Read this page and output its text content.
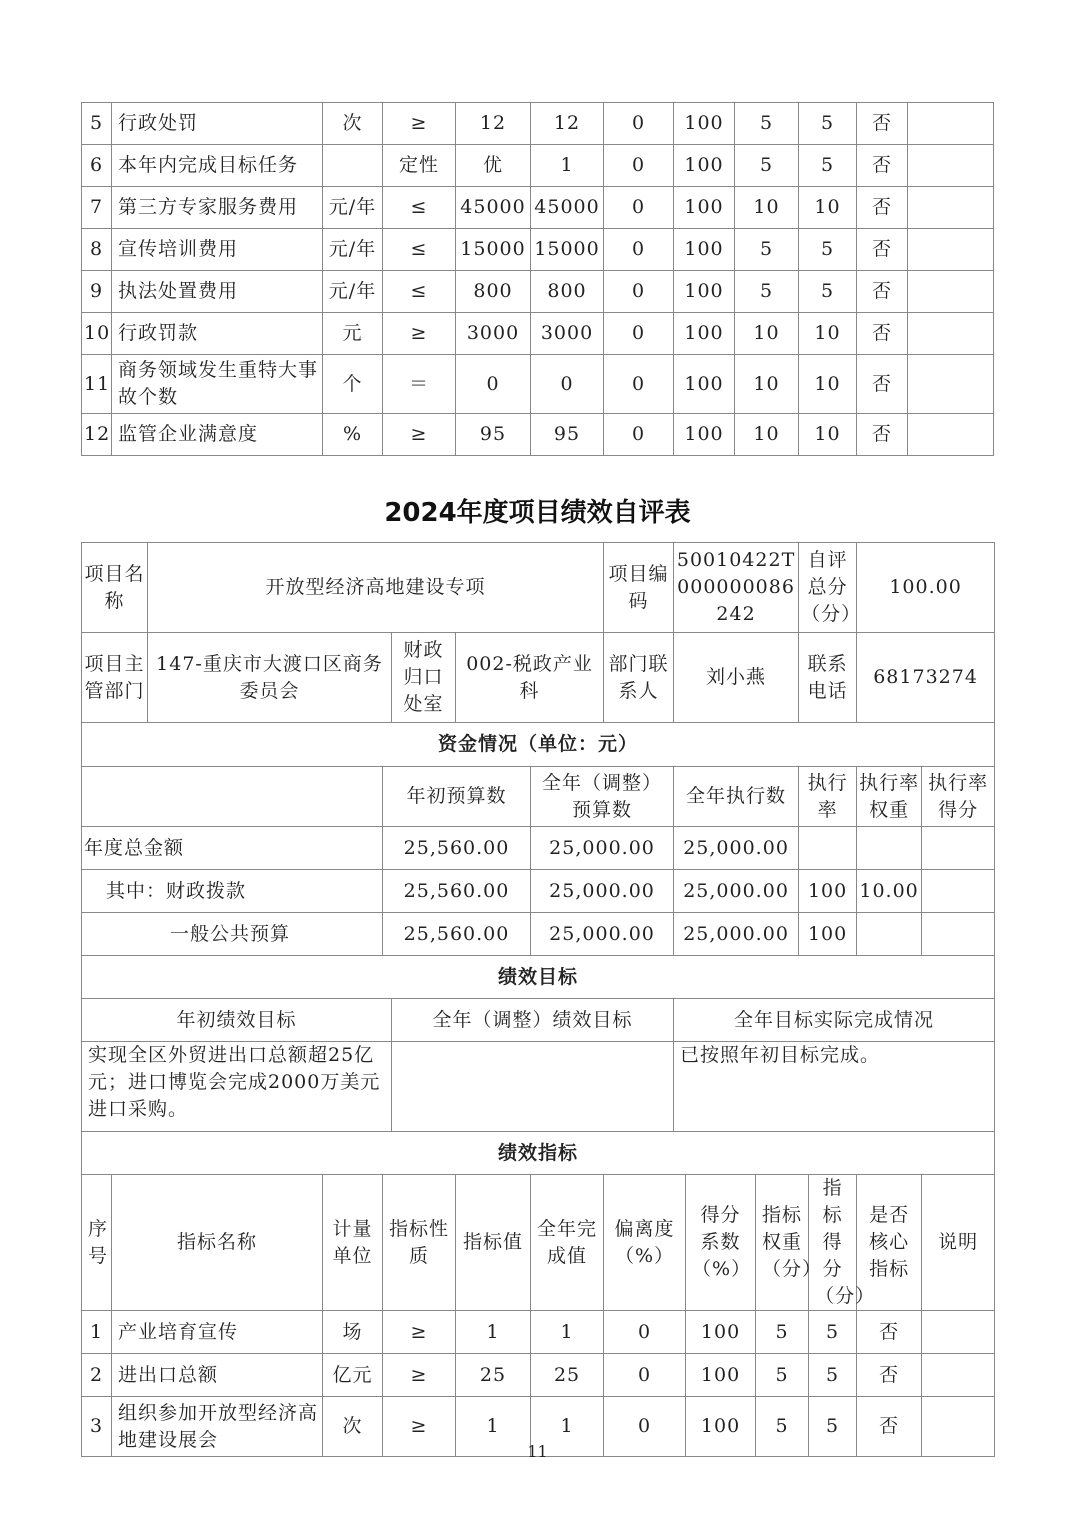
5	行政处罚	次	≥	12	12	0	100	5	5	否	
6	本年内完成目标任务		定性	优	1	0	100	5	5	否	
7	第三方专家服务费用	元/年	≤	45000	45000	0	100	10	10	否	
8	宣传培训费用	元/年	≤	15000	15000	0	100	5	5	否	
9	执法处置费用	元/年	≤	800	800	0	100	5	5	否	
10	行政罚款	元	≥	3000	3000	0	100	10	10	否	
11	商务领域发生重特大事故个数	个	＝	0	0	0	100	10	10	否	
12	监管企业满意度	%	≥	95	95	0	100	10	10	否	
2024年度项目绩效自评表
项目名称		开放型经济高地建设专项						项目编码	50010422T000000086242			自评总分（分）		100.00	
项目主管部门		147-重庆市大渡口区商务委员会			财政归口处室	002-税政产业科		部门联系人	刘小燕			联系电话		68173274	
资金情况（单位：元）															
				年初预算数			全年（调整）预算数		全年执行数			执行率		执行率权重	执行率得分
年度总金额				25,560.00			25,000.00		25,000.00						
其中：财政拨款				25,560.00			25,000.00		25,000.00			100		10.00	
一般公共预算				25,560.00			25,000.00		25,000.00			100			
绩效目标															
年初绩效目标					全年（调整）绩效目标				全年目标实际完成情况						
实现全区外贸进出口总额超25亿元；进口博览会完成2000万美元进口采购。									已按照年初目标完成。						
绩效指标															
序号	指标名称		计量单位	指标性质		指标值	全年完成值	偏离度（%）		得分系数（%）	指标权重（分）		指标得分（分）	是否核心指标	说明
1	产业培育宣传		场	≥		1	1	0		100	5		5	否	
2	进出口总额		亿元	≥		25	25	0		100	5		5	否	
3	组织参加开放型经济高地建设展会		次	≥		1	1	0		100	5		5	否	
11
